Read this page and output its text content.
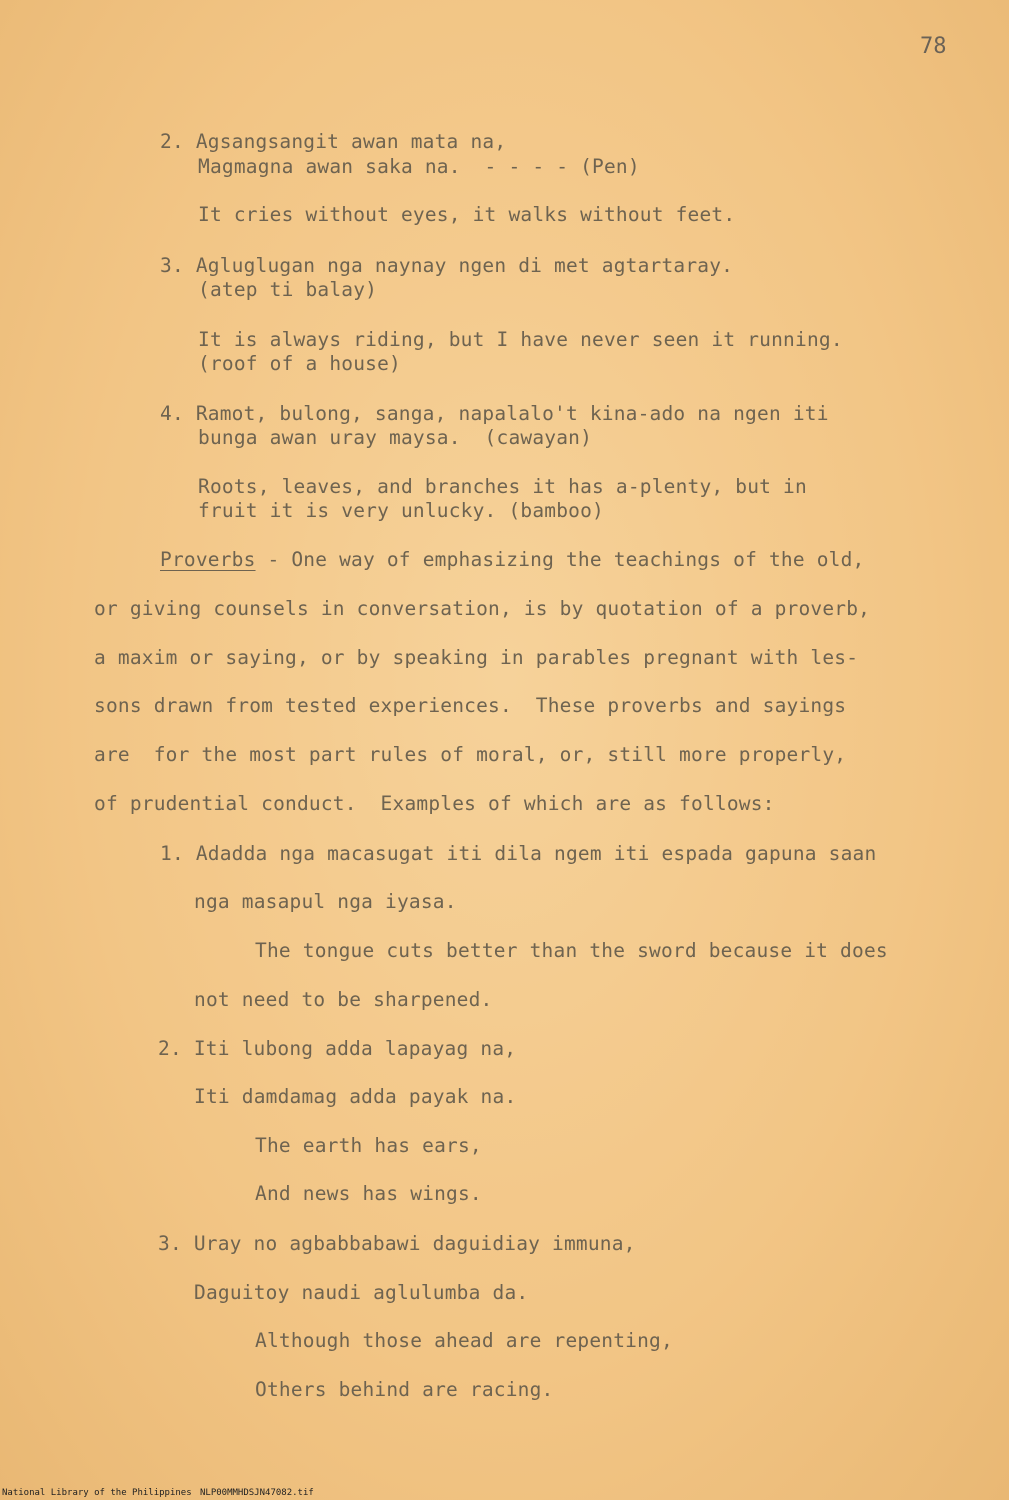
78
2. Agsangsangit awan mata na,
Magmagna awan saka na.  - - - - (Pen)
It cries without eyes, it walks without feet.
3. Agluglugan nga naynay ngen di met agtartaray.
(atep ti balay)
It is always riding, but I have never seen it running.
(roof of a house)
4. Ramot, bulong, sanga, napalalo't kina-ado na ngen iti
bunga awan uray maysa.  (cawayan)
Roots, leaves, and branches it has a-plenty, but in
fruit it is very unlucky. (bamboo)
Proverbs - One way of emphasizing the teachings of the old,
or giving counsels in conversation, is by quotation of a proverb,
a maxim or saying, or by speaking in parables pregnant with les-
sons drawn from tested experiences.  These proverbs and sayings
are  for the most part rules of moral, or, still more properly,
of prudential conduct.  Examples of which are as follows:
1. Adadda nga macasugat iti dila ngem iti espada gapuna saan
nga masapul nga iyasa.
The tongue cuts better than the sword because it does
not need to be sharpened.
2. Iti lubong adda lapayag na,
Iti damdamag adda payak na.
The earth has ears,
And news has wings.
3. Uray no agbabbabawi daguidiay immuna,
Daguitoy naudi aglulumba da.
Although those ahead are repenting,
Others behind are racing.
National Library of the Philippines NLP00MMHDSJN47082.tif
